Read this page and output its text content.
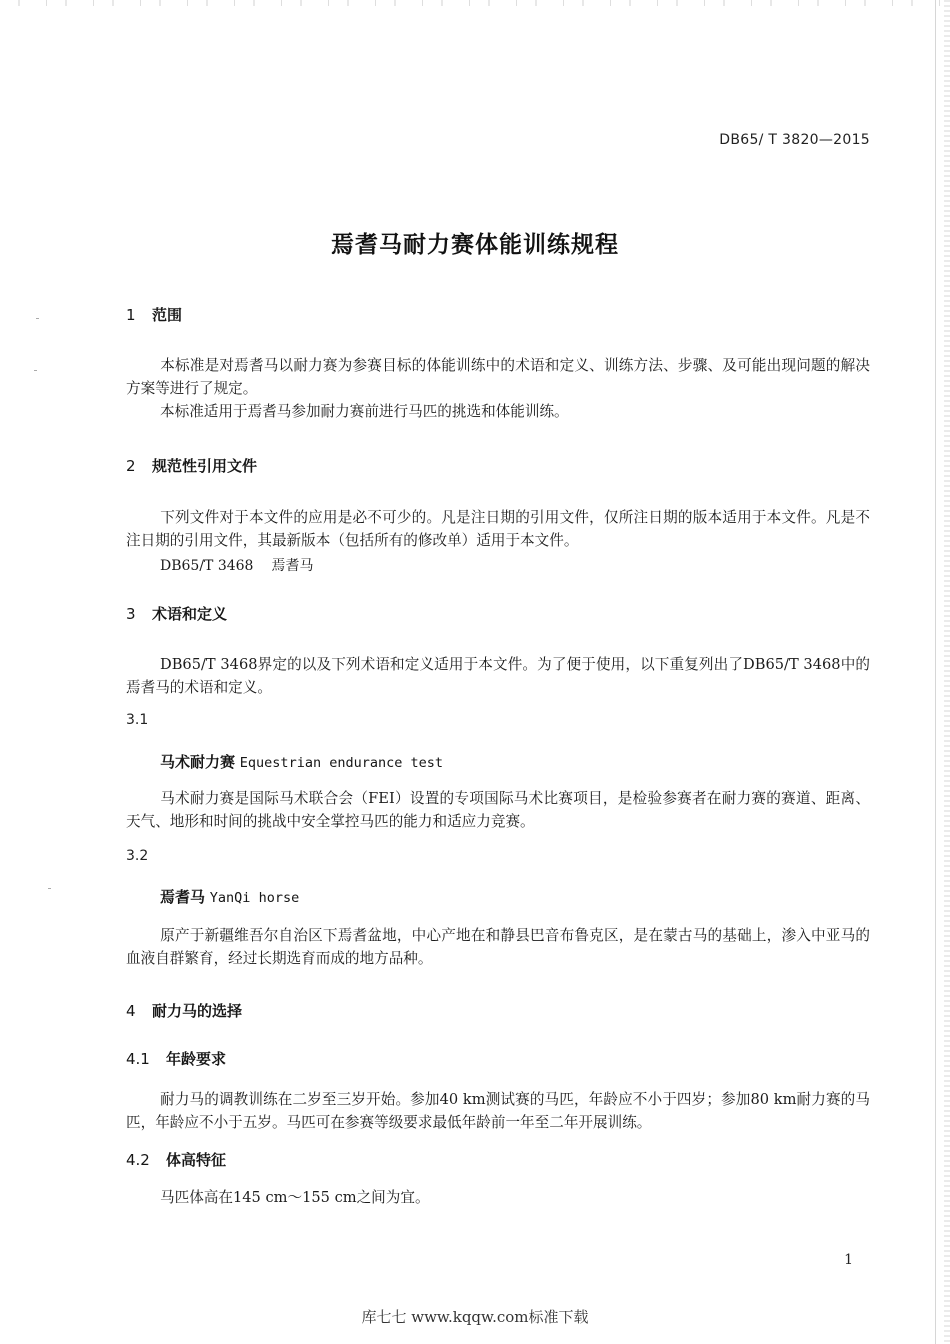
DB65/ T 3820—2015
焉耆马耐力赛体能训练规程
1 范围

本标准是对焉耆马以耐力赛为参赛目标的体能训练中的术语和定义、训练方法、步骤、及可能出现问题的解决方案等进行了规定。

本标准适用于焉耆马参加耐力赛前进行马匹的挑选和体能训练。

2 规范性引用文件

下列文件对于本文件的应用是必不可少的。凡是注日期的引用文件，仅所注日期的版本适用于本文件。凡是不注日期的引用文件，其最新版本（包括所有的修改单）适用于本文件。

DB65/T 3468 焉耆马
3 术语和定义

DB65/T 3468界定的以及下列术语和定义适用于本文件。为了便于使用，以下重复列出了DB65/T 3468中的焉耆马的术语和定义。

3.1
马术耐力赛 Equestrian endurance test

马术耐力赛是国际马术联合会（FEI）设置的专项国际马术比赛项目，是检验参赛者在耐力赛的赛道、距离、天气、地形和时间的挑战中安全掌控马匹的能力和适应力竞赛。

3.2
焉耆马 YanQi horse

原产于新疆维吾尔自治区下焉耆盆地，中心产地在和静县巴音布鲁克区，是在蒙古马的基础上，渗入中亚马的血液自群繁育，经过长期选育而成的地方品种。

4 耐力马的选择
4.1 年龄要求

耐力马的调教训练在二岁至三岁开始。参加40 km测试赛的马匹，年龄应不小于四岁；参加80 km耐力赛的马匹，年龄应不小于五岁。马匹可在参赛等级要求最低年龄前一年至二年开展训练。

4.2 体高特征

马匹体高在145 cm～155 cm之间为宜。

1
库七七 www.kqqw.com标准下载
